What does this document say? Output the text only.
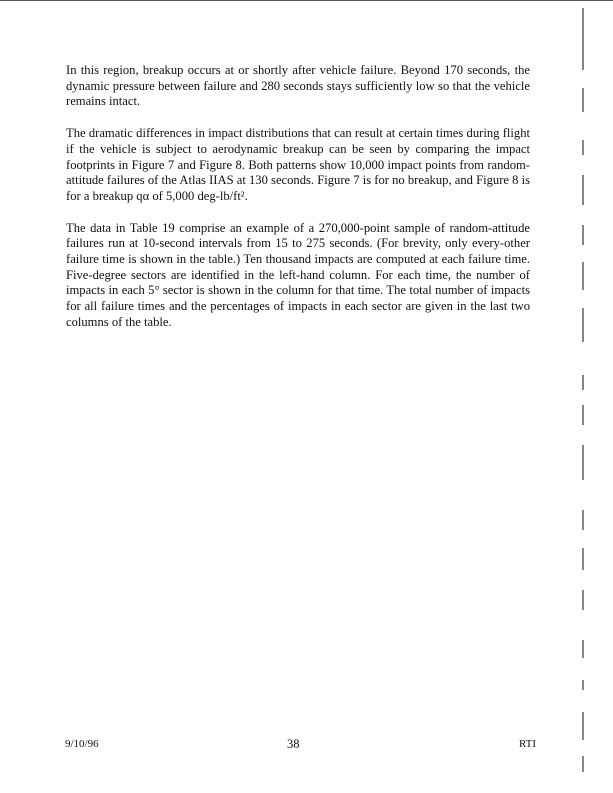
In this region, breakup occurs at or shortly after vehicle failure. Beyond 170 seconds, the dynamic pressure between failure and 280 seconds stays sufficiently low so that the vehicle remains intact.

The dramatic differences in impact distributions that can result at certain times during flight if the vehicle is subject to aerodynamic breakup can be seen by comparing the impact footprints in Figure 7 and Figure 8. Both patterns show 10,000 impact points from random-attitude failures of the Atlas IIAS at 130 seconds. Figure 7 is for no breakup, and Figure 8 is for a breakup qα of 5,000 deg-lb/ft².

The data in Table 19 comprise an example of a 270,000-point sample of random-attitude failures run at 10-second intervals from 15 to 275 seconds. (For brevity, only every-other failure time is shown in the table.) Ten thousand impacts are computed at each failure time. Five-degree sectors are identified in the left-hand column. For each time, the number of impacts in each 5° sector is shown in the column for that time. The total number of impacts for all failure times and the percentages of impacts in each sector are given in the last two columns of the table.

9/10/96	38	RTI
